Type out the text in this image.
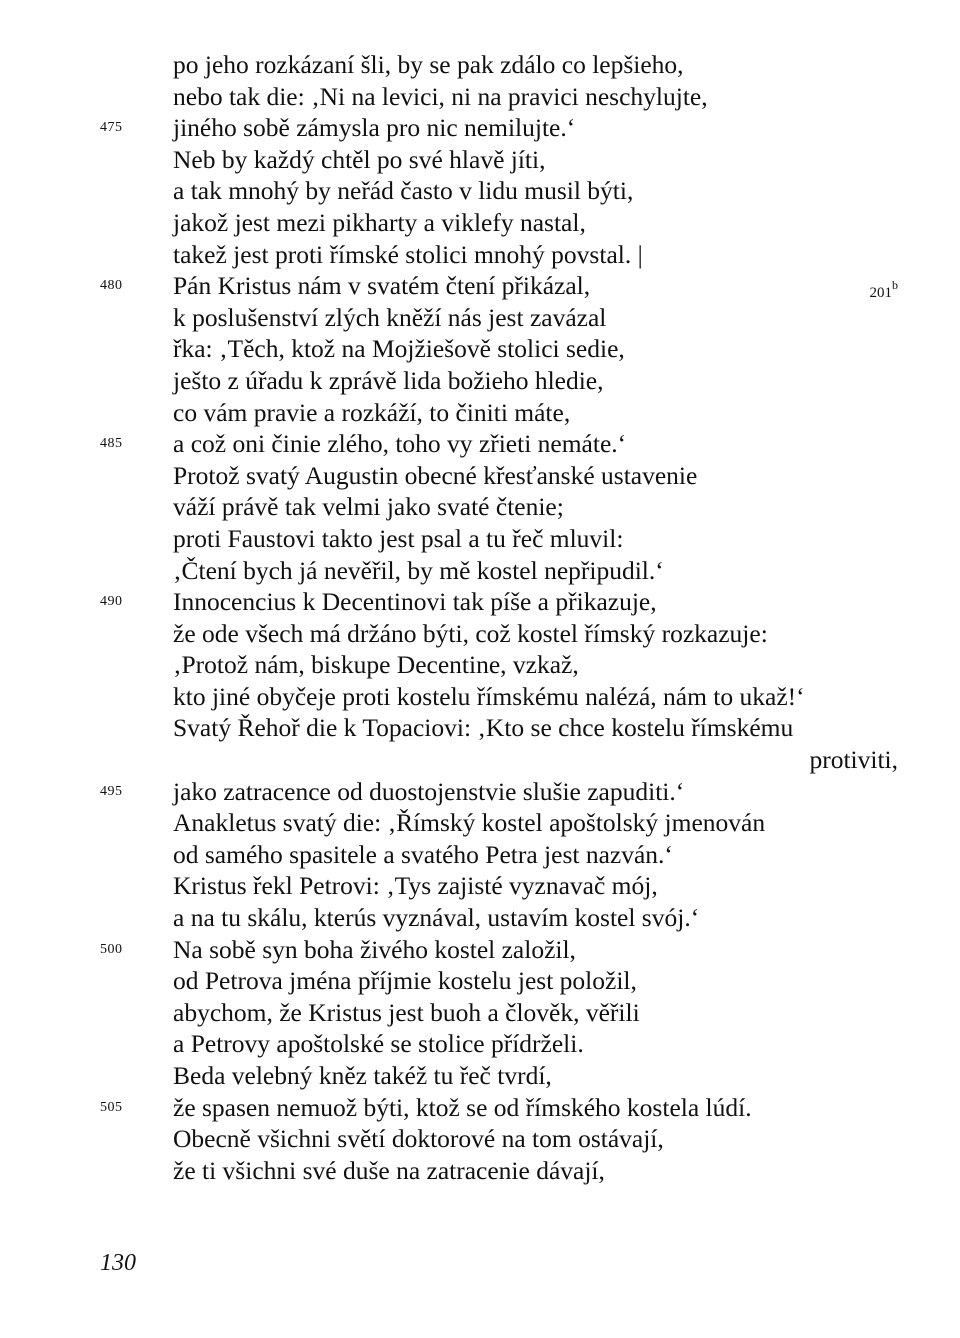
po jeho rozkázaní šli, by se pak zdálo co lepšieho,
nebo tak die: ‚Ni na levici, ni na pravici neschylujte,
475 jiného sobě zámysla pro nic nemilujte.‘
Neb by každý chtěl po své hlavě jíti,
a tak mnohý by neřád často v lidu musil býti,
jakož jest mezi pikharty a viklefy nastal,
takež jest proti římské stolici mnohý povstal. |
480 Pán Kristus nám v svatém čtení přikázal,	201$^b$
k poslušenství zlých kněží nás jest zavázal
řka: ‚Těch, ktož na Mojžiešově stolici sedie,
ješto z úřadu k zprávě lida božieho hledie,
co vám pravie a rozkáží, to činiti máte,
485 a což oni činie zlého, toho vy zřieti nemáte.‘
Protož svatý Augustin obecné křesťanské ustavenie
váží právě tak velmi jako svaté čtenie;
proti Faustovi takto jest psal a tu řeč mluvil:
‚Čtení bych já nevěřil, by mě kostel nepřipudil.‘
490 Innocencius k Decentinovi tak píše a přikazuje,
že ode všech má držáno býti, což kostel římský rozkazuje:
‚Protož nám, biskupe Decentine, vzkaž,
kto jiné obyčeje proti kostelu římskému nalézá, nám to ukaž!‘
Svatý Řehoř die k Topaciovi: ‚Kto se chce kostelu římskému
protiviti,
495 jako zatracence od duostojenstvie slušie zapuditi.‘
Anakletus svatý die: ‚Římský kostel apoštolský jmenován
od samého spasitele a svatého Petra jest nazván.‘
Kristus řekl Petrovi: ‚Tys zajisté vyznavač mój,
a na tu skálu, kterús vyznával, ustavím kostel svój.‘
500 Na sobě syn boha živého kostel založil,
od Petrova jména příjmie kostelu jest položil,
abychom, že Kristus jest buoh a člověk, věřili
a Petrovy apoštolské se stolice přídrželi.
Beda velebný kněz takéž tu řeč tvrdí,
505 že spasen nemuož býti, ktož se od římského kostela lúdí.
Obecně všichni světí doktorové na tom ostávají,
že ti všichni své duše na zatracenie dávají,
130
